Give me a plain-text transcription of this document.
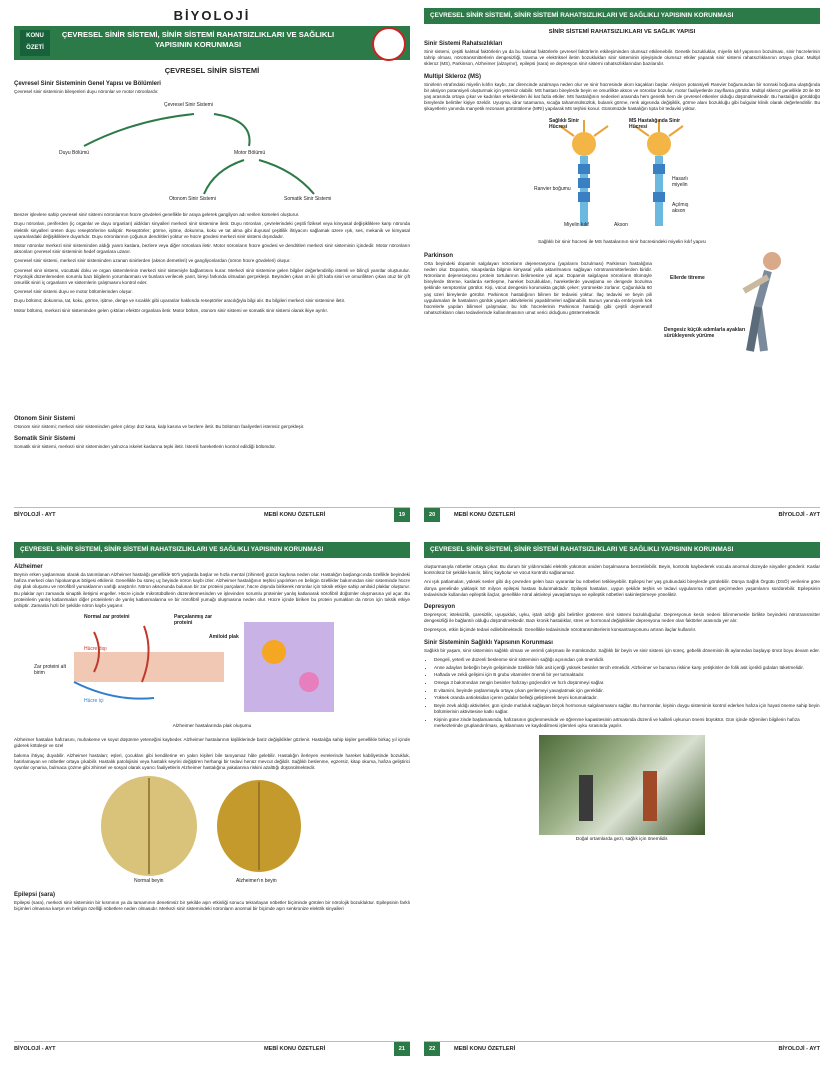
BİYOLOJİ
KONU ÖZETİ
ÇEVRESEL SİNİR SİSTEMİ, SİNİR SİSTEMİ RAHATSIZLIKLARI VE SAĞLIKLI YAPISININ KORUNMASI
ÇEVRESEL SİNİR SİSTEMİ
Çevresel Sinir Sisteminin Genel Yapısı ve Bölümleri

Çevresel sinir sisteminin bileşenleri duyu nöronlar ve motor nöronlardır.

Çevresel Sinir Sistemi
Duyu Bölümü	Motor Bölümü
Otonom Sinir Sistemi	Somatik Sinir Sistemi

Benzer işlevlere sahip çevresel sinir sistemi nöronlarının hücre gövdeleri genellikle bir araya gelerek gangliyon adı verilen kümeleri oluşturur.

Duyu nöronları, periferden (iç organlar ve duyu organları) aldıkları sinyalleri merkezi sinir sistemine iletir. Duyu nöronları, çevrelerindeki çeşitli fiziksel veya kimyasal değişikliklere karşı nöronda elektrik sinyalleri üreten duyu reseptörlerine sahiptir. Reseptörler; görme, işitme, dokunma, koku ve tat alma gibi duyusal çeşitlilik ihtiyacını sağlamak üzere ışık, ses, mekanik ve kimyasal uyaranlardaki değişikliklere duyarlıdır. Duyu nöronlarının çoğunun dendritleri yoktur ve hücre gövdesi merkezi sinir sistemi dışındadır.

Motor nöronlar merkezi sinir sisteminden aldığı yanıtı kaslara, bezlere veya diğer nöronlara iletir. Motor nöronların hücre gövdesi ve dendritleri merkezi sinir sisteminin içindedir. Motor nöronların aksonları çevresel sinir sisteminin hedef organlara uzanır.

Çevresel sinir sistemi, merkezi sinir sisteminden uzanan sinirlerden (akson demetleri) ve gangliyonlardan (nöron hücre gövdeleri) oluşur.

Çevresel sinir sistemi, vücuttaki doku ve organ sistemlerinin merkezi sinir sistemiyle bağlantısını kurar. Merkezi sinir sistemine gelen bilgiler değerlendirilip istemli ve bilinçli yanıtlar oluşturulur. Fizyolojik düzenlemeden sorumlu bazı bilgilerin yorumlanması ve bunlara verilecek yanıt, bireyi farkında olmadan gerçekleşir. Beyinden çıkan on iki çift kafa siniri ve omurilikten çıkan otuz bir çift omurilik siniri iç organların ve sistemlerin çalışmasını kontrol eder.

Çevresel sinir sistemi duyu ve motor bölümlerinden oluşur.

Duyu bölümü; dokunma, tat, koku, görme, işitme, denge ve sıcaklık gibi uyaranlar hakkında reseptörler aracılığıyla bilgi alır. Bu bilgileri merkezi sinir sistemine iletir.

Motor bölümü, merkezi sinir sisteminden gelen çıktıları efektör organlara iletir. Motor bölüm, otonom sinir sistemi ve somatik sinir sistemi olarak ikiye ayrılır.

Otonom Sinir Sistemi

Otonom sinir sistemi; merkezi sinir sisteminden gelen çıktıyı düz kasa, kalp kasına ve bezlere iletir. Bu bölümün faaliyetleri istemsiz gerçekleşir.

Somatik Sinir Sistemi

Somatik sinir sistemi, merkezi sinir sisteminden yalnızca iskelet kaslarına tepki iletir. İstemli hareketlerin kontrol edildiği bölümdür.

BİYOLOJİ - AYT	MEBİ KONU ÖZETLERİ	19
ÇEVRESEL SİNİR SİSTEMİ, SİNİR SİSTEMİ RAHATSIZLIKLARI VE SAĞLIKLI YAPISININ KORUNMASI
SİNİR SİSTEMİ RAHATSIZLIKLARI VE SAĞLIK YAPISI
Sinir Sistemi Rahatsızlıkları

Sinir sistemi, çeşitli kalıtsal faktörlerin ya da bu kalıtsal faktörlerle çevresel faktörlerin etkileşiminden olumsuz etkilenebilir. Genetik bozukluklar, miyelin kılıf yapısının bozulması, sinir hücrelerinin tahrip olması, nörotransmitterlerin dengesizliği, travma ve elektriksel iletim bozuklukları sinir sisteminin işleyişinde olumsuz etkiler yaparak sinir sistemi rahatsızlıklarının ortaya çıkar. Multipl skleroz (MS), Parkinson, Alzheimer (alzaymır), epilepsi (sara) ve depresyon sinir sistemi rahatsızlıklarından bazılarıdır.

Multipl Skleroz (MS)

Sinirlerin etrafındaki miyelin kılıfın kaybı, zar direncinde azalmaya neden olur ve sinir hücresinde akım kaçakları başlar. Aksiyon potansiyeli Ranvier boğumundan bir sonraki boğuma ulaştığında bir aksiyon potansiyeli oluşturmak için yetersiz olabilir. MS hastası bireylerde beyin ve omurilikte akson ve nöronlar bozulur, motor faaliyetlerde zayıflama görülür. Multipl skleroz genellikle 20 ile 50 yaş arasında ortaya çıkar ve kadınları erkeklerden iki kat fazla etkiler. MS hastalığının nedenleri arasında hem genetik hem de çevresel etkenler olduğu düşünülmektedir. Bu hastalığın görüldüğü bireylerde belirtiler kişiye özeldir. Uyuşma, idrar tutamama, sıcağa tahammülsüzlük, bulanık görme, renk algısında değişiklik, görme alanı bozukluğu gibi bulgular klinik olarak değerlendirilir. Bu şikayetlerin yanında manyetik rezonans görüntüleme (MRI) yapılarak MS teşhisi konur. Günümüzde hastalığın tıpta bir tedavisi yoktur.

Sağlıklı Sinir Hücresi
MS Hastalığında Sinir Hücresi
Ranvier boğumu
Miyelin kılıf	Akson
Hasarlı miyelin
Açılmış akson
Sağlıklı bir sinir hücresi ile MS hastalarının sinir hücresindeki miyelin kılıf yapısı
Parkinson

Orta beyindeki dopamin salgılayan nöronların dejenerasyonu (yapılarını bozulması) Parkinson hastalığına neden olur. Dopamin, sinapslarda bilginin kimyasal yolla aktarılmasını sağlayan nörotransmitterlerden biridir. Nöronların dejenerasyonu protein tortularının birikmesine yol açar. Dopamin salgılayan nöronların ölümüyle bireylerde titreme, kaslarda sertleşme, hareket bozuklukları, hareketlerde yavaşlama ve dengede bozulma şeklinde semptomlar görülür. Kişi, vücut dengesini korumakta güçlük çeker; yürümekte zorlanır. Çoğunlukla 60 yaş üzeri bireylerde görülür. Parkinson hastalığının bilinen bir tedavisi yoktur. İlaç tedavisi ve beyin pili uygulamaları ile hastaların günlük yaşam aktivitelerini yapabilmeleri sağlanabilir. Bunun yanında embriyonik kök hücrelerle yapılan bilimsel çalışmalar, bu kök hücrelerinin Parkinson hastalığı gibi çeşitli dejeneratif rahatsızlıkların olası tedavilerinde kullanılmasının umut verici olduğunu göstermektedir.

Ellerde titreme
Dengesiz küçük adımlarla ayakları sürükleyerek yürüme
20	MEBİ KONU ÖZETLERİ	BİYOLOJİ - AYT
ÇEVRESEL SİNİR SİSTEMİ, SİNİR SİSTEMİ RAHATSIZLIKLARI VE SAĞLIKLI YAPISININ KORUNMASI
Alzheimer

Beynin erken yaşlanması olarak da tanımlanan Alzheimer hastalığı genellikle 60'lı yaşlarda başlar ve hızla mental (zihinsel) gücün kaybına neden olur. Hastalığın başlangıcında özellikle beyindeki hafıza merkezi olan hipokampus bölgesi etkilenir. Genellikle bu süreç uç beyinde nöron kaybı izler. Alzheimer hastalığının teşhisi yapılırken en belirgin özellikler bakımından sinir sisteminde hücre dışı plak oluşumu ve nörofibril yumaklarının varlığı araştırılır. Nöron aksonunda bulunan bir zar proteini parçalanır, hücre dışında birikerek nöronlar için toksik etkiye sahip amiloid plaklar oluşturur. Bu plaklar ayrı zamanda sinaptik iletişimi engeller. Hücre içinde mikrotübüllerin düzenlenmesinden ve işlevinden sorumlu proteinler yanlış katlanarak nörofibril düğümler oluşmasına yol açar. Bu proteinlerin yanlış katlanmaları diğer proteinlerin de yanlış katlanmalarına ve bir nörofibril yumağı oluşmasına neden olur. Hücre içinde biriken bu protein yumakları da nöron için toksik etkiye sahiptir. Zamanla hızlı bir şekilde nöron kaybı yaşanır.

Normal zar proteini	Parçalanmış zar proteini
Amiloid plak
Hücre dışı
Zar proteini alt birim
Hücre içi
Alzheimer hastalarında plak oluşumu

Alzheimer hastaları hafızasını, muhakeme ve soyut düşünme yeteneğini kaybeder. Alzheimer hastalarının kişiliklerinde bariz değişiklikler gözlenir. Hastalığa sahip kişiler genellikle birkaç yıl içinde giderek kötüleşir ve özel

bakıma ihtiyaç duyabilir. Alzheimer hastaları; eşleri, çocukları gibi kendilerine en yakın kişileri bile tanıyamaz hâle gelebilir. Hastalığın ilerleyen evrelerinde hareket kabiliyetinde bozukluk, hatırlamayan ve nöbetler ortaya çıkabilir. Hastalık patolojisini veya hastalık seyrini değiştiren herhangi bir tedavi henüz mevcut değildir. Sağlıklı beslenme, egzersiz, kitap okuma, hafıza geliştirici oyunlar oynama, bulmaca çözme gibi zihinsel ve sosyal olarak uyarıcı faaliyetlerin Alzheimer hastalığına yakalanma riskini azalttığı düşünülmektedir.

Normal beyin	Alzheimer'ın beyin
Epilepsi (sara)

Epilepsi (sara), merkezi sinir sisteminin bir kısmının ya da tamamının denetimsiz bir şekilde aşırı etkinliği sonucu tekrarlayan nöbetler biçiminde görülen bir nörolojik bozukluktur. Epilepsinin farklı biçimleri olmasına karşın en belirgin özelliği nöbetlere neden olmasıdır. Merkezi sinir sistemindeki nöronların anormal bir biçimde aşırı senkronize elektrik sinyalleri

BİYOLOJİ - AYT	MEBİ KONU ÖZETLERİ	21
ÇEVRESEL SİNİR SİSTEMİ, SİNİR SİSTEMİ RAHATSIZLIKLARI VE SAĞLIKLI YAPISININ KORUNMASI

oluşturmasıyla nöbetler ortaya çıkar. Bu durum bir yıldırımdaki elektrik yükünün aniden boşalmasına benzetilebilir. Beyin, kontrolü kaybederek vücuda anormal düzeyde sinyaller gönderir. Kaslar kontrolsüz bir şekilde kasılır, bilinç kaybolur ve vücut kontrolü sağlanamaz.

Ani ışık patlamaları, yüksek sesler gibi dış çevreden gelen bazı uyaranlar bu nöbetleri tetikleyebilir. Epilepsi her yaş grubundaki bireylerde görülebilir. Dünya Sağlık Örgütü (DSÖ) verilerine göre dünya genelinde yaklaşık 50 milyon epilepsi hastası bulunmaktadır. Epilepsi hastaları, uygun şekilde teşhis ve tedavi uygulanırsa nöbet geçirmeden yaşamlarını sürdürebilir. Epilepsinin tedavisinde kullanılan epileptik ilaçlar, genellikle nöral aktiviteyi yavaşlatmaya ve epileptik nöbetleri sakinleştirmeye yöneliktir.

Depresyon

Depresyon; isteksizlik, çaresizlik, uyuşukluk, uyku, iştah azlığı gibi belirtiler gösteren sinir sistemi bozukluğudur. Depresyonun kesin nedeni bilinmemekle birlikte beyindeki nörotransmitter dengesizliği ile bağlantılı olduğu düşünülmektedir. Bazı kronik hastalıklar, stres ve hormonal değişiklikler depresyona neden olan faktörler arasında yer alır.

Depresyon, etkin biçimde tedavi edilebilmektedir. Genellikle tedavisinde nörotransmitterlerin konsantrasyonunu artıran ilaçlar kullanılır.

Sinir Sisteminin Sağlıklı Yapısının Korunması

Sağlıklı bir yaşam, sinir sisteminin sağlıklı olması ve verimli çalışması ile mümkündür. Sağlıklı bir beyin ve sinir sistemi için süreç, gebelik döneminin ilk aylarından başlayıp ömür boyu devam eder.

• Dengeli, yeterli ve düzenli beslenme sinir sisteminin sağlığı açısından çok önemlidir.
• Anne adayları bebeğin beyin gelişiminde özellikle folik asit içeriği yüksek besinler tercih etmelidir. Alzheimer ve bunama riskine karşı yetişkinler de folik asit içerikli gıdaları tüketmelidir.
• Haftada ve zekâ gelişimi için B grubu vitaminler önemli bir yer tutmaktadır.
• Omega 3 bakımından zengin besinler hafızayı güçlendirir ve hızlı düşünmeyi sağlar.
• E vitamini, beyinde yaşlanmayla ortaya çıkan gerilemeyi yavaşlatmak için gereklidir.
• Yüksek oranda antioksidan içeren gıdalar belleği geliştirerek beyni korumaktadır.
• Beyin zevk aldığı aktiviteler, gün içinde mutluluk sağlayan birçok hormonun salgılanmasını sağlar. Bu hormonlar, kişinin duygu sisteminin kontrol ederken hafıza için hayati öneme sahip beyin bölümlerinin aktivitesine katkı sağlar.
• Kişinin güne zinde başlamasında, hafızasının güçlenmesinde ve öğrenme kapasitesinin artmasında düzenli ve kaliteli uykunun önemi büyüktür. Gün içinde öğrenilen bilgilerin hafıza merkezlerinde gruplandırılması, ayıklanması ve kaydedilmesi işlemleri uyku sırasında yapılır.
Doğal ortamlarda gezi, sağlık için önemlidir.
22	MEBİ KONU ÖZETLERİ	BİYOLOJİ - AYT
